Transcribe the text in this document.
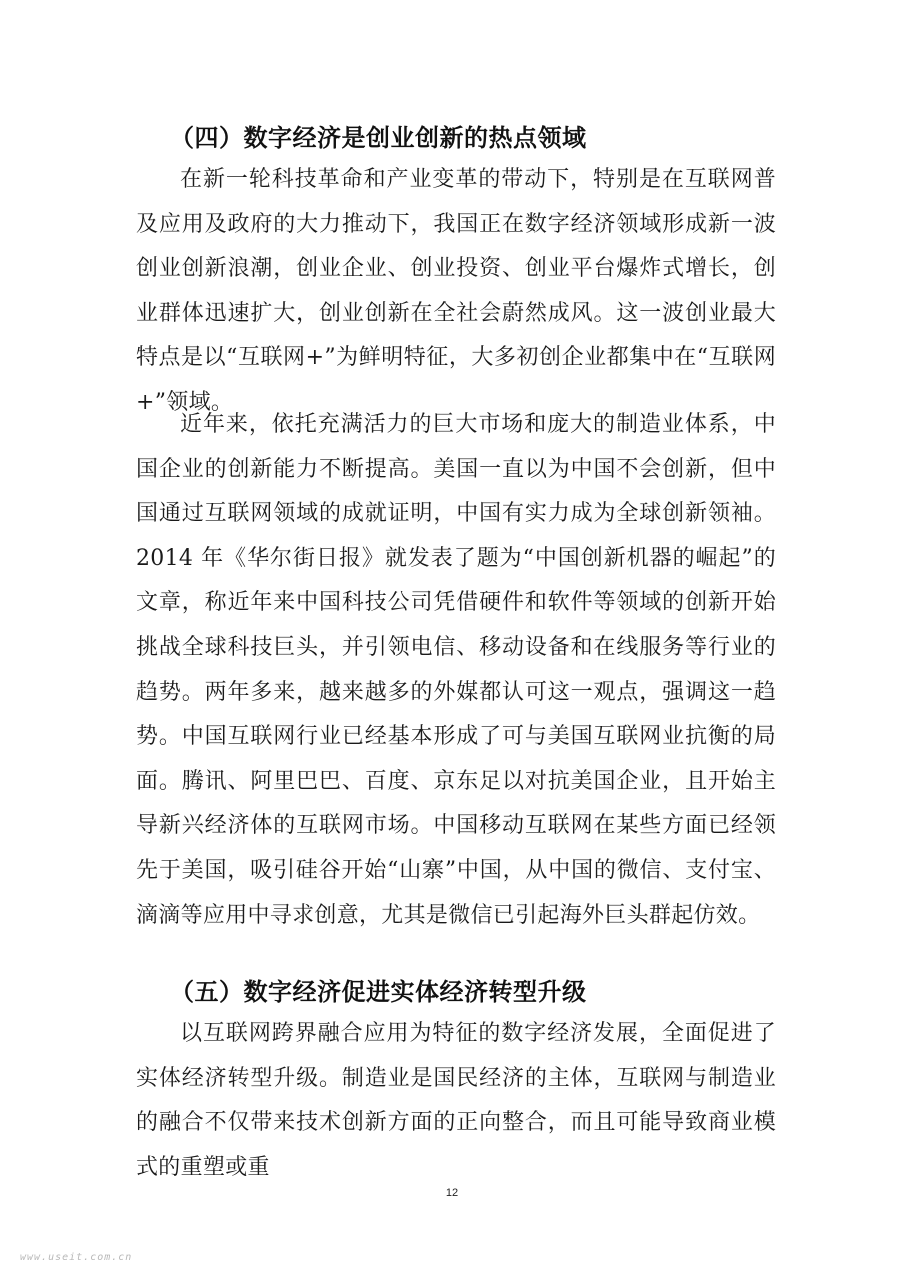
（四）数字经济是创业创新的热点领域

在新一轮科技革命和产业变革的带动下，特别是在互联网普及应用及政府的大力推动下，我国正在数字经济领域形成新一波创业创新浪潮，创业企业、创业投资、创业平台爆炸式增长，创业群体迅速扩大，创业创新在全社会蔚然成风。这一波创业最大特点是以“互联网+”为鲜明特征，大多初创企业都集中在“互联网+”领域。

近年来，依托充满活力的巨大市场和庞大的制造业体系，中国企业的创新能力不断提高。美国一直以为中国不会创新，但中国通过互联网领域的成就证明，中国有实力成为全球创新领袖。2014 年《华尔街日报》就发表了题为“中国创新机器的崛起”的文章，称近年来中国科技公司凭借硬件和软件等领域的创新开始挑战全球科技巨头，并引领电信、移动设备和在线服务等行业的趋势。两年多来，越来越多的外媒都认可这一观点，强调这一趋势。中国互联网行业已经基本形成了可与美国互联网业抗衡的局面。腾讯、阿里巴巴、百度、京东足以对抗美国企业，且开始主导新兴经济体的互联网市场。中国移动互联网在某些方面已经领先于美国，吸引硅谷开始“山寨”中国，从中国的微信、支付宝、滴滴等应用中寻求创意，尤其是微信已引起海外巨头群起仿效。

（五）数字经济促进实体经济转型升级

以互联网跨界融合应用为特征的数字经济发展，全面促进了实体经济转型升级。制造业是国民经济的主体，互联网与制造业的融合不仅带来技术创新方面的正向整合，而且可能导致商业模式的重塑或重

12
www.useit.com.cn
